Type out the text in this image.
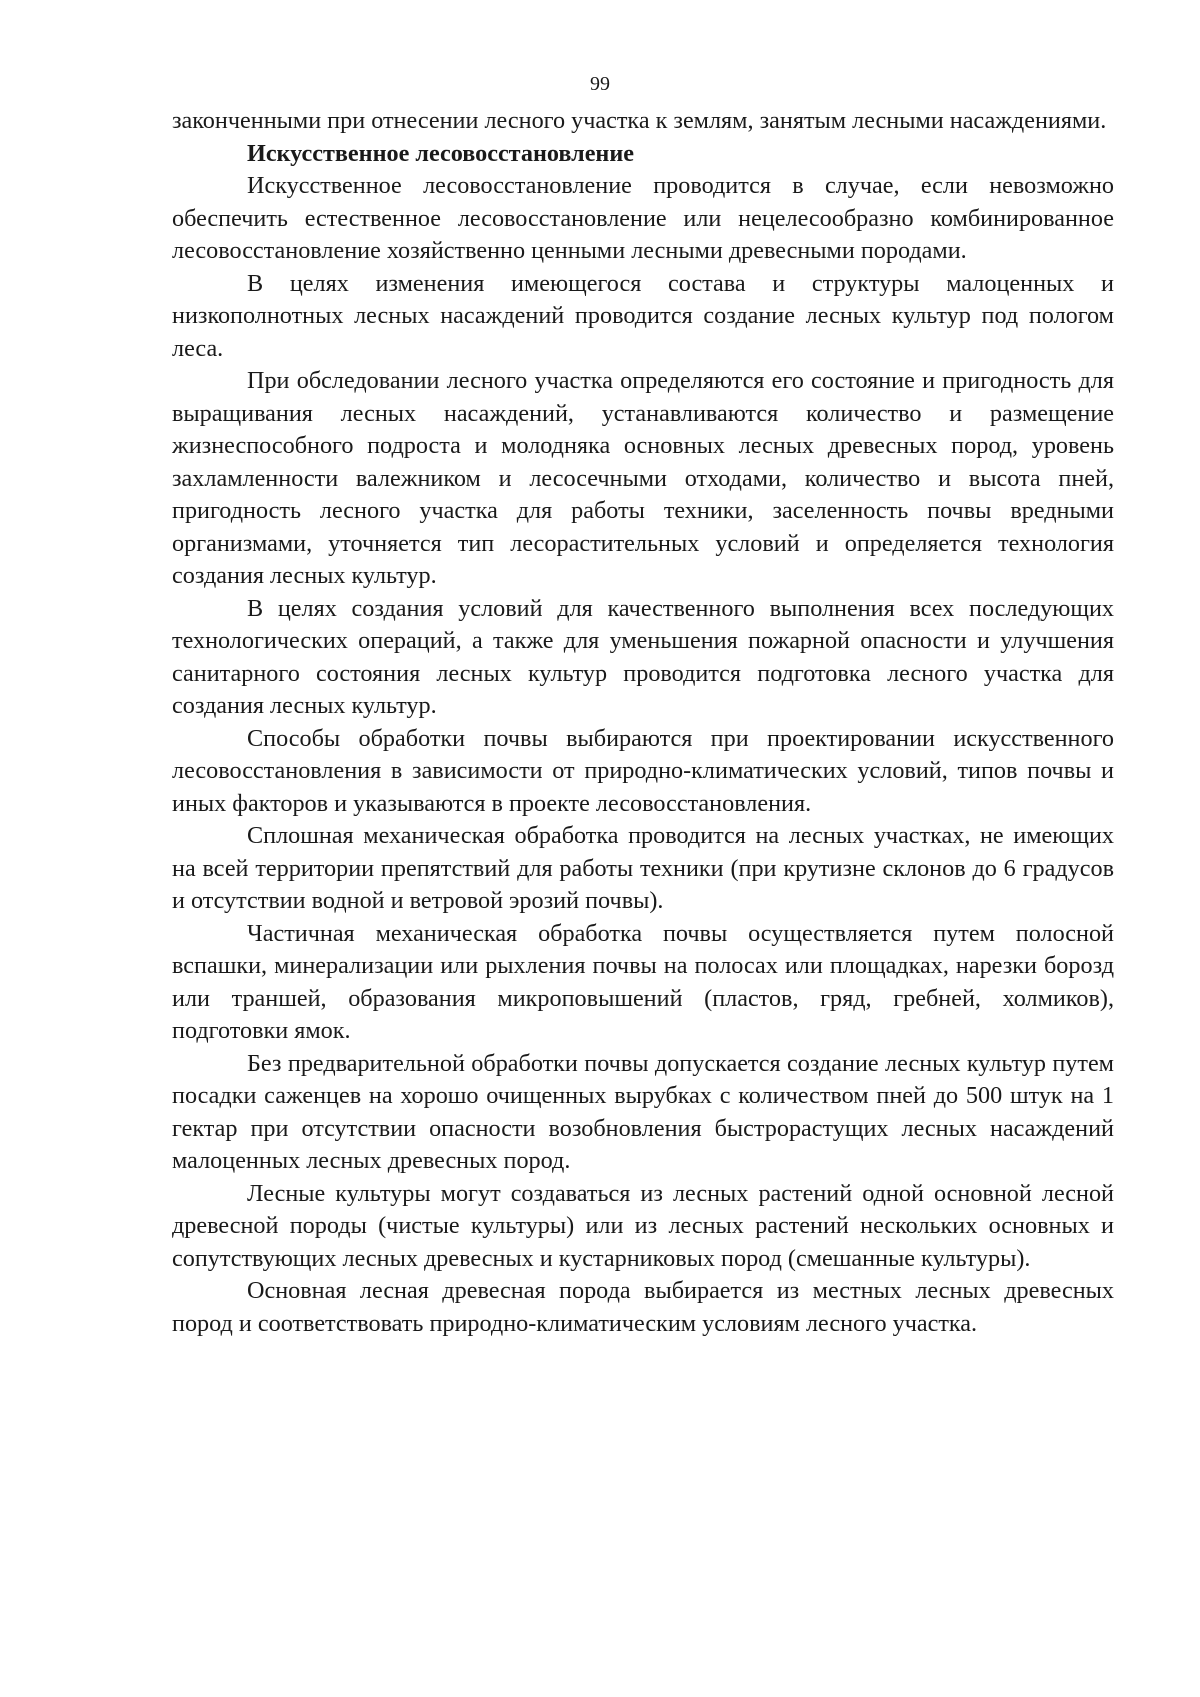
99

законченными при отнесении лесного участка к землям, занятым лесными насаждениями.

Искусственное лесовосстановление

Искусственное лесовосстановление проводится в случае, если невозможно обеспечить естественное лесовосстановление или нецелесообразно комбинированное лесовосстановление хозяйственно ценными лесными древесными породами.

В целях изменения имеющегося состава и структуры малоценных и низкополнотных лесных насаждений проводится создание лесных культур под пологом леса.

При обследовании лесного участка определяются его состояние и пригодность для выращивания лесных насаждений, устанавливаются количество и размещение жизнеспособного подроста и молодняка основных лесных древесных пород, уровень захламленности валежником и лесосечными отходами, количество и высота пней, пригодность лесного участка для работы техники, заселенность почвы вредными организмами, уточняется тип лесорастительных условий и определяется технология создания лесных культур.

В целях создания условий для качественного выполнения всех последующих технологических операций, а также для уменьшения пожарной опасности и улучшения санитарного состояния лесных культур проводится подготовка лесного участка для создания лесных культур.

Способы обработки почвы выбираются при проектировании искусственного лесовосстановления в зависимости от природно-климатических условий, типов почвы и иных факторов и указываются в проекте лесовосстановления.

Сплошная механическая обработка проводится на лесных участках, не имеющих на всей территории препятствий для работы техники (при крутизне склонов до 6 градусов и отсутствии водной и ветровой эрозий почвы).

Частичная механическая обработка почвы осуществляется путем полосной вспашки, минерализации или рыхления почвы на полосах или площадках, нарезки борозд или траншей, образования микроповышений (пластов, гряд, гребней, холмиков), подготовки ямок.

Без предварительной обработки почвы допускается создание лесных культур путем посадки саженцев на хорошо очищенных вырубках с количеством пней до 500 штук на 1 гектар при отсутствии опасности возобновления быстрорастущих лесных насаждений малоценных лесных древесных пород.

Лесные культуры могут создаваться из лесных растений одной основной лесной древесной породы (чистые культуры) или из лесных растений нескольких основных и сопутствующих лесных древесных и кустарниковых пород (смешанные культуры).

Основная лесная древесная порода выбирается из местных лесных древесных пород и соответствовать природно-климатическим условиям лесного участка.
